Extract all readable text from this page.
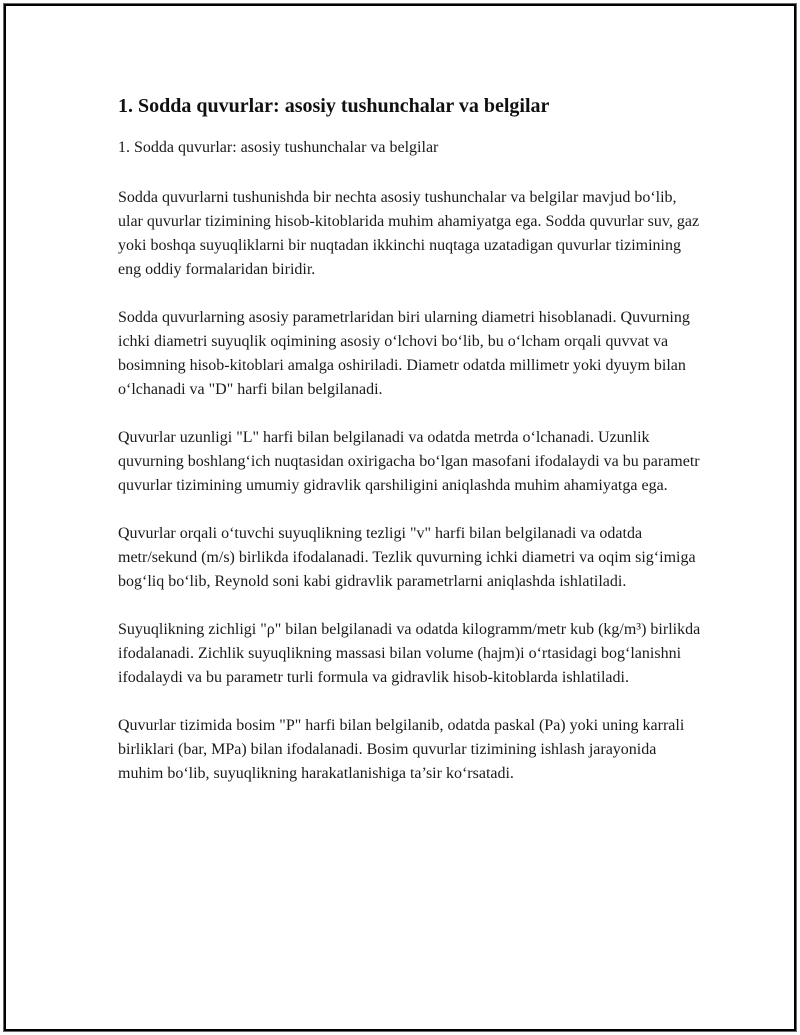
1. Sodda quvurlar: asosiy tushunchalar va belgilar

1. Sodda quvurlar: asosiy tushunchalar va belgilar

Sodda quvurlarni tushunishda bir nechta asosiy tushunchalar va belgilar mavjud bo‘lib, ular quvurlar tizimining hisob-kitoblarida muhim ahamiyatga ega. Sodda quvurlar suv, gaz yoki boshqa suyuqliklarni bir nuqtadan ikkinchi nuqtaga uzatadigan quvurlar tizimining eng oddiy formalaridan biridir.

Sodda quvurlarning asosiy parametrlaridan biri ularning diametri hisoblanadi. Quvurning ichki diametri suyuqlik oqimining asosiy o‘lchovi bo‘lib, bu o‘lcham orqali quvvat va bosimning hisob-kitoblari amalga oshiriladi. Diametr odatda millimetr yoki dyuym bilan o‘lchanadi va "D" harfi bilan belgilanadi.

Quvurlar uzunligi "L" harfi bilan belgilanadi va odatda metrda o‘lchanadi. Uzunlik quvurning boshlang‘ich nuqtasidan oxirigacha bo‘lgan masofani ifodalaydi va bu parametr quvurlar tizimining umumiy gidravlik qarshiligini aniqlashda muhim ahamiyatga ega.

Quvurlar orqali o‘tuvchi suyuqlikning tezligi "v" harfi bilan belgilanadi va odatda metr/sekund (m/s) birlikda ifodalanadi. Tezlik quvurning ichki diametri va oqim sig‘imiga bog‘liq bo‘lib, Reynold soni kabi gidravlik parametrlarni aniqlashda ishlatiladi.

Suyuqlikning zichligi "ρ" bilan belgilanadi va odatda kilogramm/metr kub (kg/m³) birlikda ifodalanadi. Zichlik suyuqlikning massasi bilan volume (hajm)i o‘rtasidagi bog‘lanishni ifodalaydi va bu parametr turli formula va gidravlik hisob-kitoblarda ishlatiladi.

Quvurlar tizimida bosim "P" harfi bilan belgilanib, odatda paskal (Pa) yoki uning karrali birliklari (bar, MPa) bilan ifodalanadi. Bosim quvurlar tizimining ishlash jarayonida muhim bo‘lib, suyuqlikning harakatlanishiga ta’sir ko‘rsatadi.
